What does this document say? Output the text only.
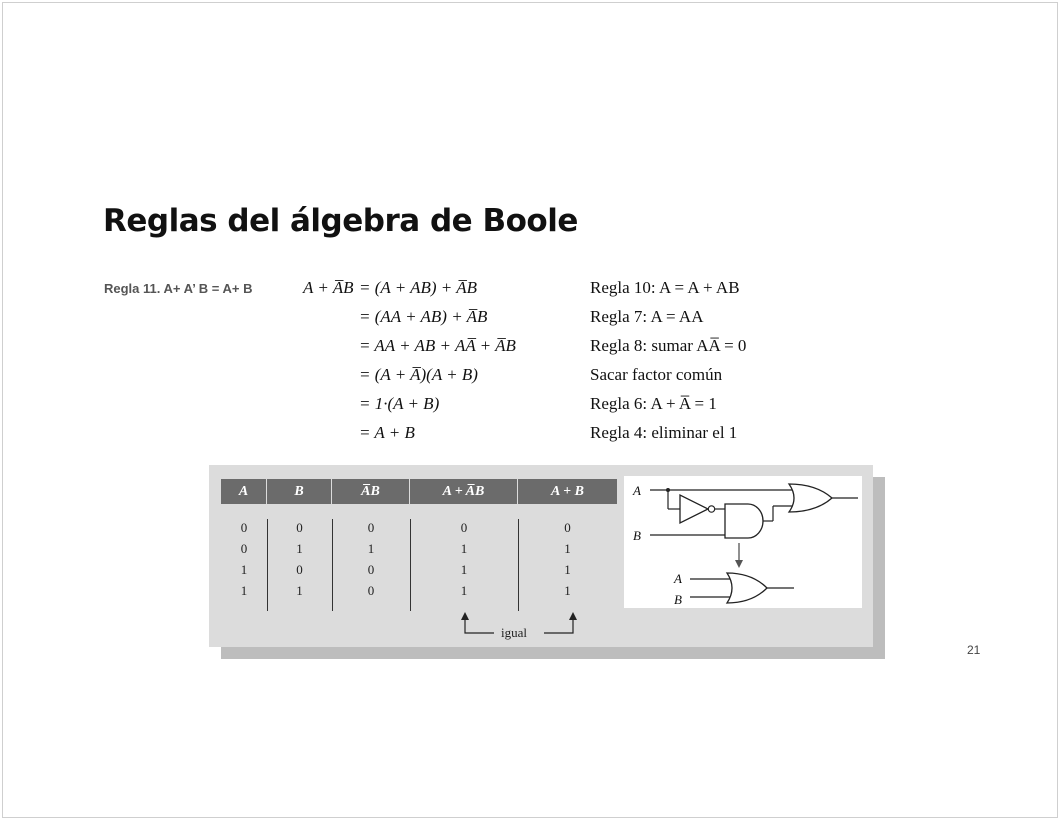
Reglas del álgebra de Boole
Regla 11. A+ A’ B = A+ B	A + A̅B = (A + AB) + A̅B	Regla 10: A = A + AB
= (AA + AB) + A̅B	Regla 7: A = AA
= AA + AB + AA̅ + A̅B	Regla 8: sumar AA̅ = 0
= (A + A̅)(A + B)	Sacar factor común
= 1·(A + B)	Regla 6: A + A̅ = 1
= A + B	Regla 4: eliminar el 1
A	B	A̅B	A + A̅B	A + B
0	0	0	0	0
0	1	1	1	1
1	0	0	1	1
1	1	0	1	1
igual
A
B
A
B
21
